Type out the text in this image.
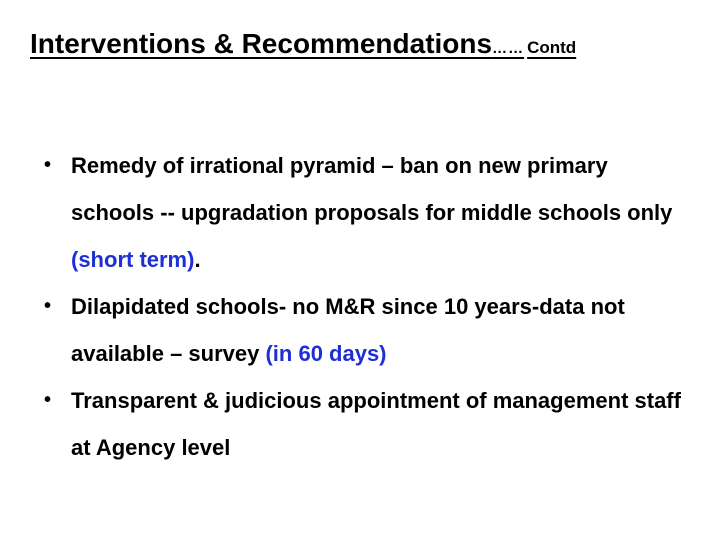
Interventions & Recommendations…… Contd
• Remedy of irrational pyramid – ban on new primary schools -- upgradation proposals for middle schools only (short term).
• Dilapidated schools- no M&R since 10 years-data not available – survey (in 60 days)
• Transparent & judicious appointment of management staff at Agency level
